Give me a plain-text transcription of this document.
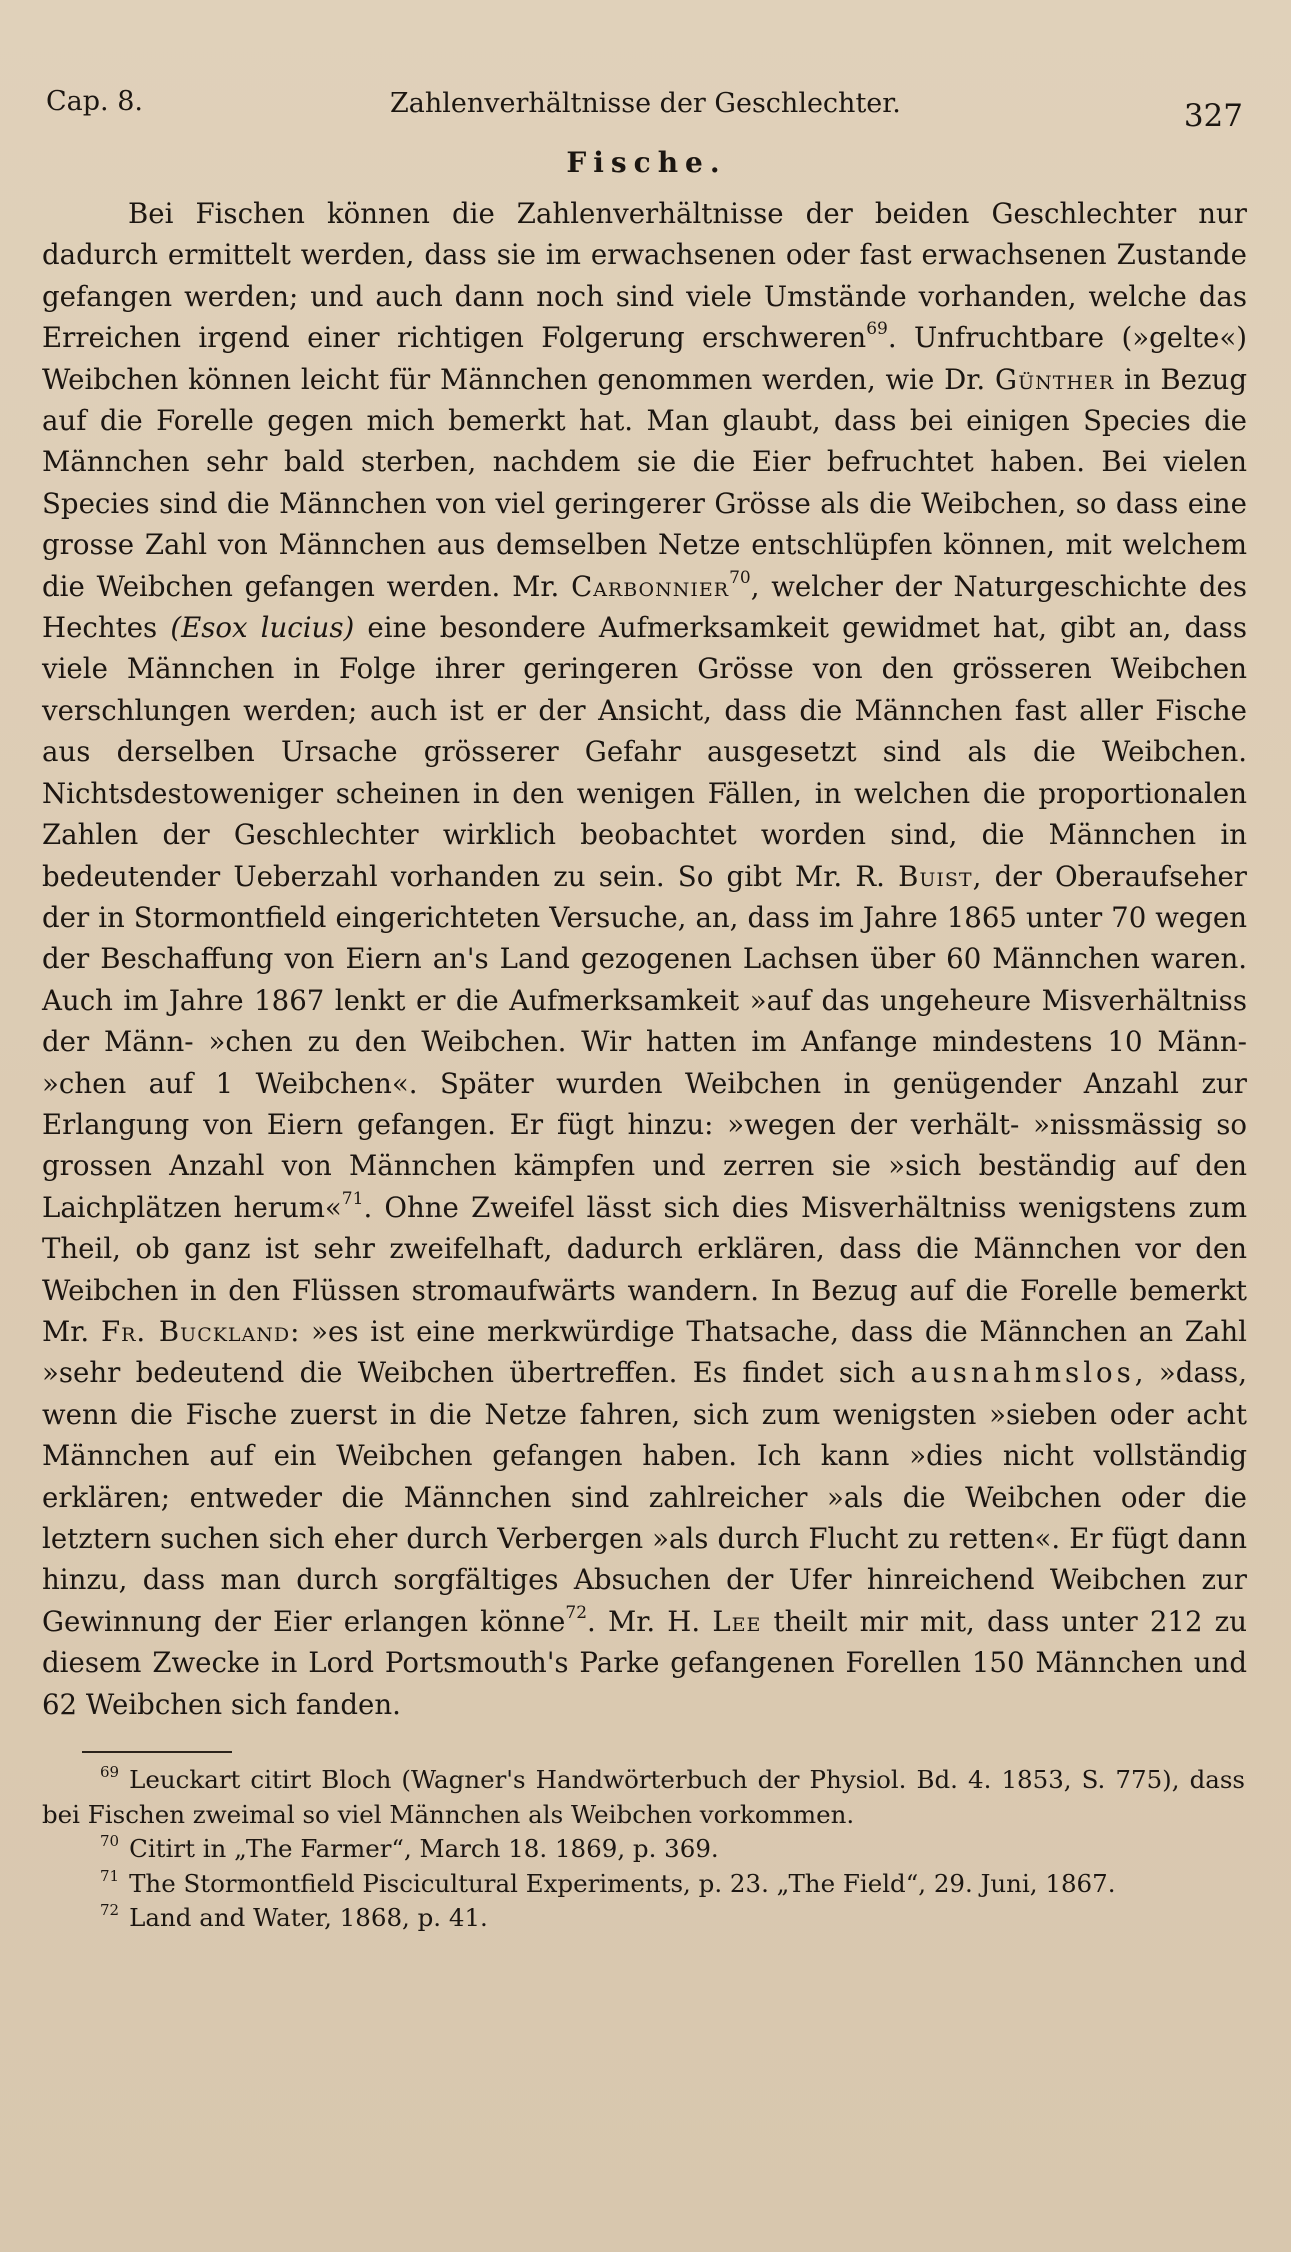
Cap. 8.	Zahlenverhältnisse der Geschlechter.	327
Fische.

Bei Fischen können die Zahlenverhältnisse der beiden Geschlechter nur dadurch ermittelt werden, dass sie im erwachsenen oder fast erwachsenen Zustande gefangen werden; und auch dann noch sind viele Umstände vorhanden, welche das Erreichen irgend einer richtigen Folgerung erschweren$^{69}$. Unfruchtbare (»gelte«) Weibchen können leicht für Männchen genommen werden, wie Dr. Günther in Bezug auf die Forelle gegen mich bemerkt hat. Man glaubt, dass bei einigen Species die Männchen sehr bald sterben, nachdem sie die Eier befruchtet haben. Bei vielen Species sind die Männchen von viel geringerer Grösse als die Weibchen, so dass eine grosse Zahl von Männchen aus demselben Netze entschlüpfen können, mit welchem die Weibchen gefangen werden. Mr. Carbonnier$^{70}$, welcher der Naturgeschichte des Hechtes (Esox lucius) eine besondere Aufmerksamkeit gewidmet hat, gibt an, dass viele Männchen in Folge ihrer geringeren Grösse von den grösseren Weibchen verschlungen werden; auch ist er der Ansicht, dass die Männchen fast aller Fische aus derselben Ursache grösserer Gefahr ausgesetzt sind als die Weibchen. Nichtsdestoweniger scheinen in den wenigen Fällen, in welchen die proportionalen Zahlen der Geschlechter wirklich beobachtet worden sind, die Männchen in bedeutender Ueberzahl vorhanden zu sein. So gibt Mr. R. Buist, der Oberaufseher der in Stormontfield eingerichteten Versuche, an, dass im Jahre 1865 unter 70 wegen der Beschaffung von Eiern an's Land gezogenen Lachsen über 60 Männchen waren. Auch im Jahre 1867 lenkt er die Aufmerksamkeit »auf das ungeheure Misverhältniss der Männ- »chen zu den Weibchen. Wir hatten im Anfange mindestens 10 Männ- »chen auf 1 Weibchen«. Später wurden Weibchen in genügender Anzahl zur Erlangung von Eiern gefangen. Er fügt hinzu: »wegen der verhält- »nissmässig so grossen Anzahl von Männchen kämpfen und zerren sie »sich beständig auf den Laichplätzen herum«$^{71}$. Ohne Zweifel lässt sich dies Misverhältniss wenigstens zum Theil, ob ganz ist sehr zweifelhaft, dadurch erklären, dass die Männchen vor den Weibchen in den Flüssen stromaufwärts wandern. In Bezug auf die Forelle bemerkt Mr. Fr. Buckland: »es ist eine merkwürdige Thatsache, dass die Männchen an Zahl »sehr bedeutend die Weibchen übertreffen. Es findet sich ausnahmslos, »dass, wenn die Fische zuerst in die Netze fahren, sich zum wenigsten »sieben oder acht Männchen auf ein Weibchen gefangen haben. Ich kann »dies nicht vollständig erklären; entweder die Männchen sind zahlreicher »als die Weibchen oder die letztern suchen sich eher durch Verbergen »als durch Flucht zu retten«. Er fügt dann hinzu, dass man durch sorgfältiges Absuchen der Ufer hinreichend Weibchen zur Gewinnung der Eier erlangen könne$^{72}$. Mr. H. Lee theilt mir mit, dass unter 212 zu diesem Zwecke in Lord Portsmouth's Parke gefangenen Forellen 150 Männchen und 62 Weibchen sich fanden.

$^{69}$ Leuckart citirt Bloch (Wagner's Handwörterbuch der Physiol. Bd. 4. 1853, S. 775), dass bei Fischen zweimal so viel Männchen als Weibchen vorkommen.

$^{70}$ Citirt in „The Farmer“, March 18. 1869, p. 369.

$^{71}$ The Stormontfield Piscicultural Experiments, p. 23. „The Field“, 29. Juni, 1867.

$^{72}$ Land and Water, 1868, p. 41.
